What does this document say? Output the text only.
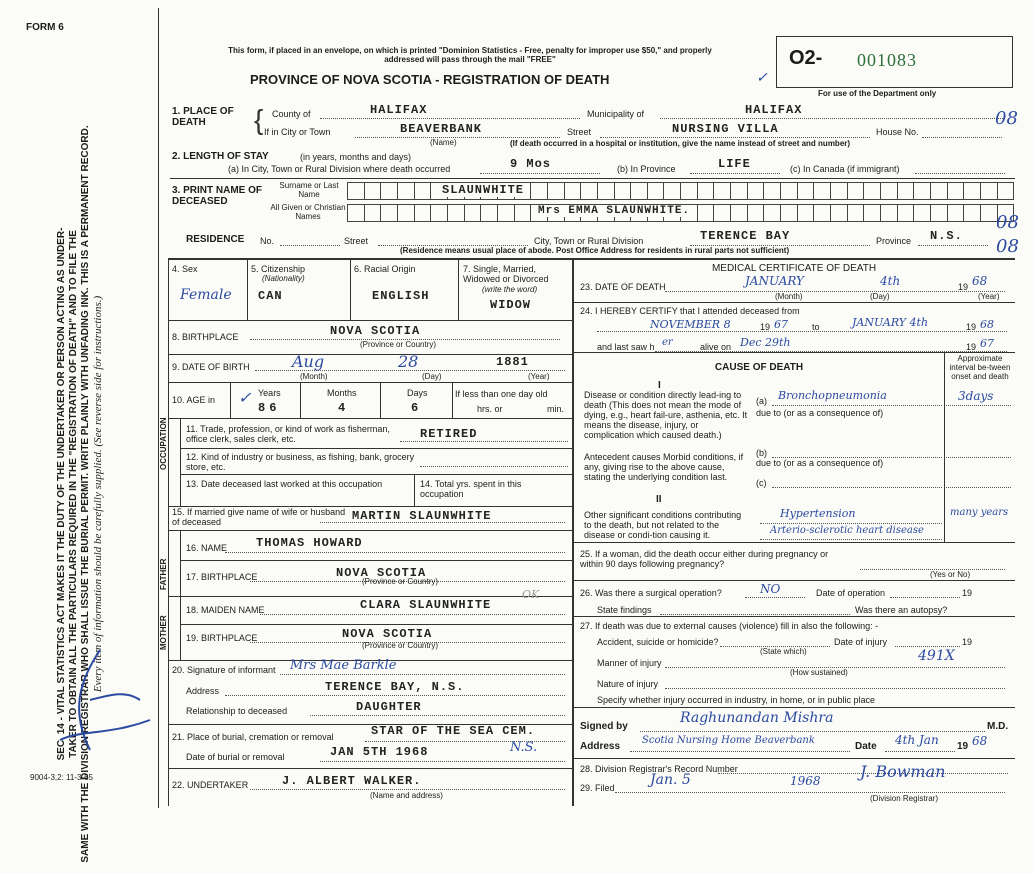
FORM 6
This form, if placed in an envelope, on which is printed "Dominion Statistics - Free, penalty for improper use $50," and properly addressed will pass through the mail "FREE"
PROVINCE OF NOVA SCOTIA - REGISTRATION OF DEATH	✓
O2- 001083
For use of the Department only
SEC. 14 - VITAL STATISTICS ACT MAKES IT THE DUTY OF THE UNDERTAKER OR PERSON ACTING AS UNDER- TAKER TO OBTAIN ALL THE PARTICULARS REQUIRED IN THE "REGISTRATION OF DEATH" AND TO FILE THE SAME WITH THE DIVISION REGISTRAR WHO SHALL ISSUE THE BURIAL PERMIT. WRITE PLAINLY WITH UNFADING INK. THIS IS A PERMANENT RECORD. Every item of information should be carefully supplied. (See reverse side for instructions.)
1. PLACE OF DEATH	{ County of	HALIFAX	Municipality of	HALIFAX	08
If in City or Town	BEAVERBANK
(Name)
Street	NURSING VILLA	House No.
(If death occurred in a hospital or institution, give the name instead of street and number)
2. LENGTH OF STAY	(in years, months and days)
(a) In City, Town or Rural Division where death occurred	9 Mos	(b) In Province	LIFE	(c) In Canada (if immigrant)
3. PRINT NAME OF DECEASED
Surname or Last Name	SLAUNWHITE
All Given or Christian Names	Mrs EMMA SLAUNWHITE.
08
RESIDENCE No.	Street	City, Town or Rural Division	TERENCE BAY	Province N.S. 08
(Residence means usual place of abode. Post Office Address for residents in rural parts not sufficient)
4. Sex
Female
5. Citizenship
(Nationality)
CAN
6. Racial Origin
ENGLISH
7. Single, Married, Widowed or Divorced
(write the word)
WIDOW
8. BIRTHPLACE	NOVA SCOTIA
(Province or Country)
9. DATE OF BIRTH	Aug	28	1881
(Month)	(Day)	(Year)
10. AGE in ✓ Years
86
Months
4
Days
6
If less than one day old
hrs. or	min.
OCCUPATION 11. Trade, profession, or kind of work as fisherman, office clerk, sales clerk, etc.	RETIRED
12. Kind of industry or business, as fishing, bank, grocery store, etc.
13. Date deceased last worked at this occupation	14. Total yrs. spent in this occupation
15. If married give name of wife or husband of deceased	MARTIN SLAUNWHITE
FATHER
MOTHER
16. NAME THOMAS HOWARD
17. BIRTHPLACE	NOVA SCOTIA
(Province or Country)
18. MAIDEN NAME	CLARA SLAUNWHITE
OK
19. BIRTHPLACE	NOVA SCOTIA
(Province or Country)
20. Signature of informant Mrs Mae Barkle
Address	TERENCE BAY, N.S.
Relationship to deceased	DAUGHTER
21. Place of burial, cremation or removal	STAR OF THE SEA CEM.
Date of burial or removal	JAN 5TH 1968	N.S.
22. UNDERTAKER	J. ALBERT WALKER.
(Name and address)
9004-3,2: 11-3-65
MEDICAL CERTIFICATE OF DEATH
23. DATE OF DEATH	JANUARY	4th	19 68
(Month)	(Day)	(Year)
24. I HEREBY CERTIFY that I attended deceased from
NOVEMBER 8	19 67	to	JANUARY 4th	19 68
and last saw h er	alive on Dec 29th	19 67
CAUSE OF DEATH
Approximate interval be-tween onset and death
I
Disease or condition directly lead-ing to death (This does not mean the mode of dying, e.g., heart fail-ure, asthenia, etc. It means the disease, injury, or complication which caused death.)
(a) Bronchopneumonia	3days
due to (or as a consequence of)
(b)
Antecedent causes Morbid conditions, if any, giving rise to the above cause, stating the underlying condition last.
due to (or as a consequence of)
(c)
II
Other significant conditions contributing to the death, but not related to the disease or condi-tion causing it.
Hypertension
Arterio-sclerotic heart disease
many years
25. If a woman, did the death occur either during pregnancy or within 90 days following pregnancy?
(Yes or No)
26. Was there a surgical operation?	NO	Date of operation	19
State findings	Was there an autopsy?
27. If death was due to external causes (violence) fill in also the following: -
Accident, suicide or homicide?	Date of injury	19
(State which)
Manner of injury	491X
(How sustained)
Nature of injury
Specify whether injury occurred in industry, in home, or in public place
Signed by
Raghunandan Mishra
M.D.
Address
Scotia Nursing Home Beaverbank
Date 4th Jan 19 68
28. Division Registrar's Record Number
29. Filed	Jan. 5	1968 J. Bowman
(Division Registrar)
